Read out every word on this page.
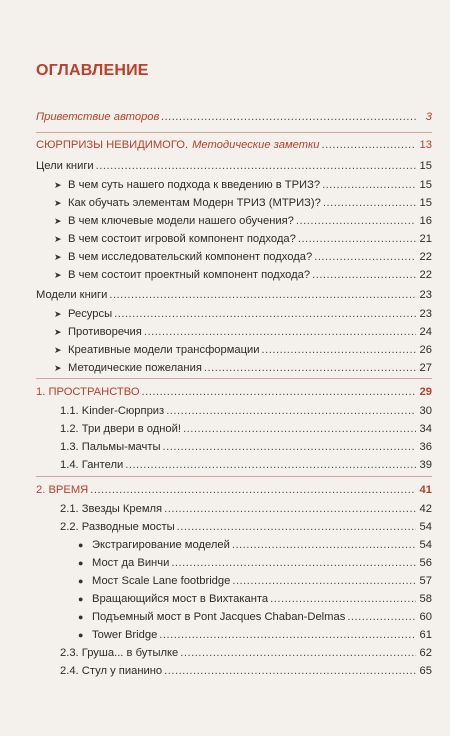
ОГЛАВЛЕНИЕ
Приветствие авторов .....	3
СЮРПРИЗЫ НЕВИДИМОГО. Методические заметки .....	13
Цели книги .....	15
➤ В чем суть нашего подхода к введению в ТРИЗ? .....	15
➤ Как обучать элементам Модерн ТРИЗ (МТРИЗ)? .....	15
➤ В чем ключевые модели нашего обучения? .....	16
➤ В чем состоит игровой компонент подхода? .....	21
➤ В чем исследовательский компонент подхода? .....	22
➤ В чем состоит проектный компонент подхода? .....	22
Модели книги .....	23
➤ Ресурсы .....	23
➤ Противоречия .....	24
➤ Креативные модели трансформации .....	26
➤ Методические пожелания .....	27
1. ПРОСТРАНСТВО .....	29
1.1. Kinder-Сюрприз .....	30
1.2. Три двери в одной! .....	34
1.3. Пальмы-мачты .....	36
1.4. Гантели .....	39
2. ВРЕМЯ .....	41
2.1. Звезды Кремля .....	42
2.2. Разводные мосты .....	54
● Экстрагирование моделей .....	54
● Мост да Винчи .....	56
● Мост Scale Lane footbridge .....	57
● Вращающийся мост в Вихтаканта .....	58
● Подъемный мост в Pont Jacques Chaban-Delmas .....	60
● Tower Bridge .....	61
2.3. Груша... в бутылке .....	62
2.4. Стул у пианино .....	65
